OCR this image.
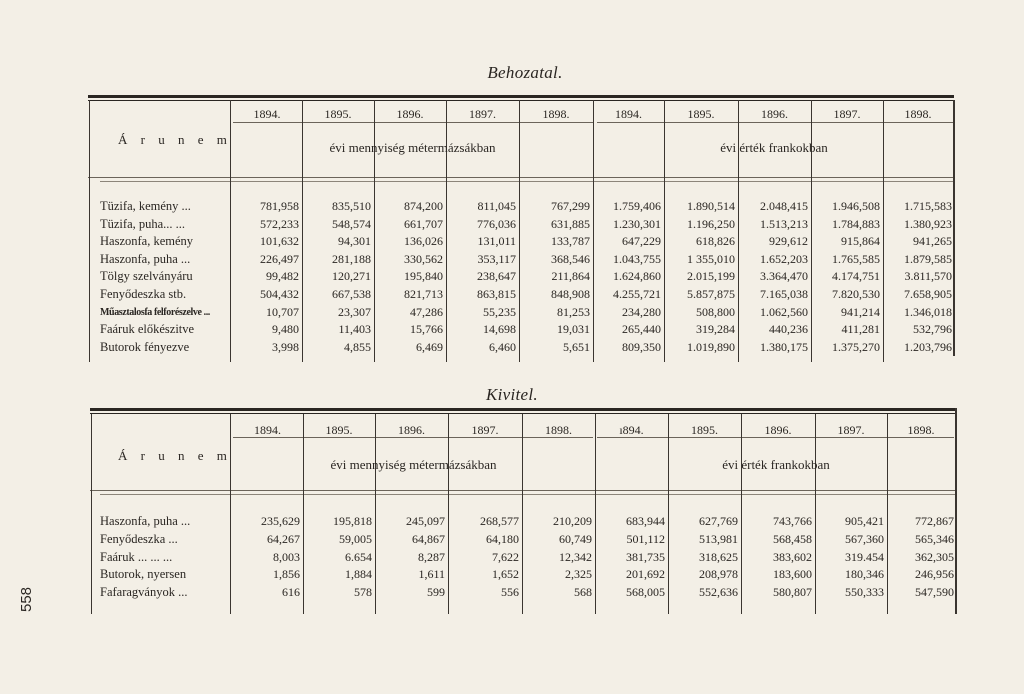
Behozatal.
Á r u n e m
1894.	1895.	1896.	1897.	1898.	1894.	1895.	1896.	1897.	1898.
évi mennyiség métermázsákban	évi érték frankokban
Tüzifa, kemény ...	781,958	835,510	874,200	811,045	767,299	1.759,406	1.890,514	2.048,415	1.946,508	1.715,583
Tüzifa, puha... ...	572,233	548,574	661,707	776,036	631,885	1.230,301	1.196,250	1.513,213	1.784,883	1.380,923
Haszonfa, kemény	101,632	94,301	136,026	131,011	133,787	647,229	618,826	929,612	915,864	941,265
Haszonfa, puha ...	226,497	281,188	330,562	353,117	368,546	1.043,755	1 355,010	1.652,203	1.765,585	1.879,585
Tölgy szelványáru	99,482	120,271	195,840	238,647	211,864	1.624,860	2.015,199	3.364,470	4.174,751	3.811,570
Fenyődeszka stb.	504,432	667,538	821,713	863,815	848,908	4.255,721	5.857,875	7.165,038	7.820,530	7.658,905
Műasztalosfa felforészelve ...	10,707	23,307	47,286	55,235	81,253	234,280	508,800	1.062,560	941,214	1.346,018
Faáruk előkészitve	9,480	11,403	15,766	14,698	19,031	265,440	319,284	440,236	411,281	532,796
Butorok fényezve	3,998	4,855	6,469	6,460	5,651	809,350	1.019,890	1.380,175	1.375,270	1.203,796
Kivitel.
Á r u n e m
1894.	1895.	1896.	1897.	1898.	ı894.	1895.	1896.	1897.	1898.
évi mennyiség métermázsákban	évi érték frankokban
Haszonfa, puha ...	235,629	195,818	245,097	268,577	210,209	683,944	627,769	743,766	905,421	772,867
Fenyődeszka ...	64,267	59,005	64,867	64,180	60,749	501,112	513,981	568,458	567,360	565,346
Faáruk ... ... ...	8,003	6.654	8,287	7,622	12,342	381,735	318,625	383,602	319.454	362,305
Butorok, nyersen	1,856	1,884	1,611	1,652	2,325	201,692	208,978	183,600	180,346	246,956
Fafaragványok ...	616	578	599	556	568	568,005	552,636	580,807	550,333	547,590
558
